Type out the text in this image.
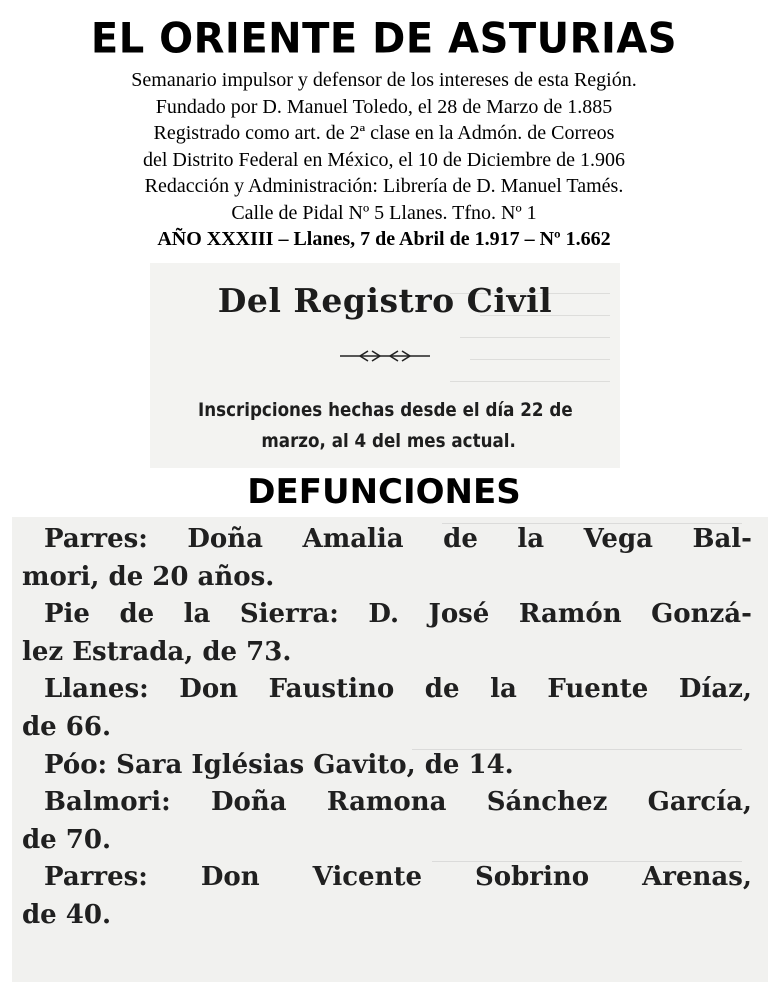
EL ORIENTE DE ASTURIAS
Semanario impulsor y defensor de los intereses de esta Región.
Fundado por D. Manuel Toledo, el 28 de Marzo de 1.885
Registrado como art. de 2ª clase en la Admón. de Correos
del Distrito Federal en México, el 10 de Diciembre de 1.906
Redacción y Administración: Librería de D. Manuel Tamés.
Calle de Pidal Nº 5 Llanes. Tfno. Nº 1
AÑO XXXIII – Llanes, 7 de Abril de 1.917 – Nº 1.662
Del Registro Civil
Inscripciones hechas desde el día 22 de
marzo, al 4 del mes actual.
DEFUNCIONES
Parres: Doña Amalia de la Vega Bal-
mori, de 20 años.
Pie de la Sierra: D. José Ramón Gonzá-
lez Estrada, de 73.
Llanes: Don Faustino de la Fuente Díaz,
de 66.
Póo: Sara Iglésias Gavito, de 14.
Balmori: Doña Ramona Sánchez García,
de 70.
Parres: Don Vicente Sobrino Arenas,
de 40.
